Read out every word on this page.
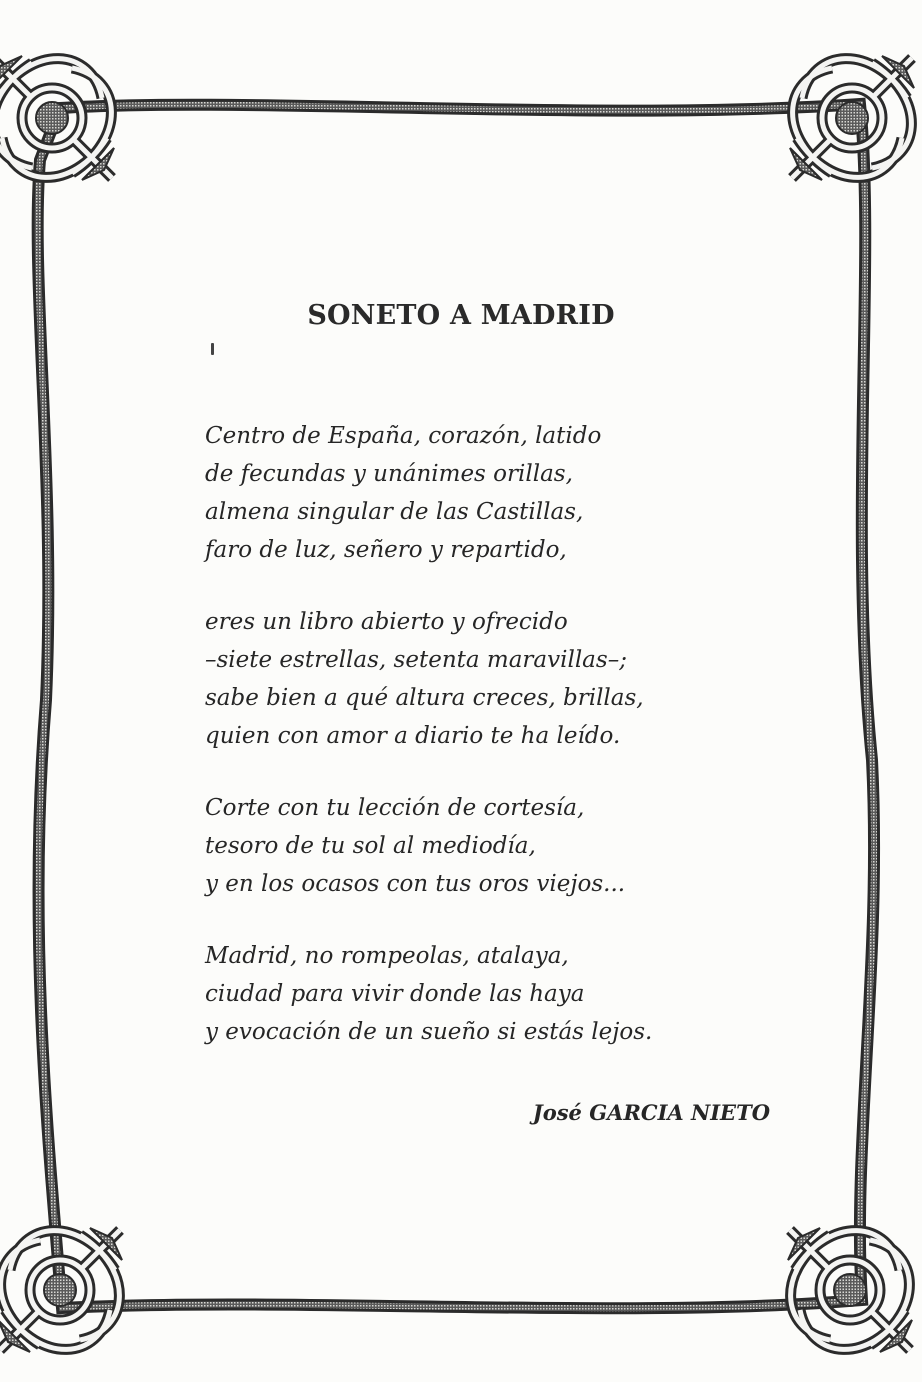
SONETO A MADRID
Centro de España, corazón, latido
de fecundas y unánimes orillas,
almena singular de las Castillas,
faro de luz, señero y repartido,
eres un libro abierto y ofrecido
–siete estrellas, setenta maravillas–;
sabe bien a qué altura creces, brillas,
quien con amor a diario te ha leído.
Corte con tu lección de cortesía,
tesoro de tu sol al mediodía,
y en los ocasos con tus oros viejos...
Madrid, no rompeolas, atalaya,
ciudad para vivir donde las haya
y evocación de un sueño si estás lejos.
José GARCIA NIETO
